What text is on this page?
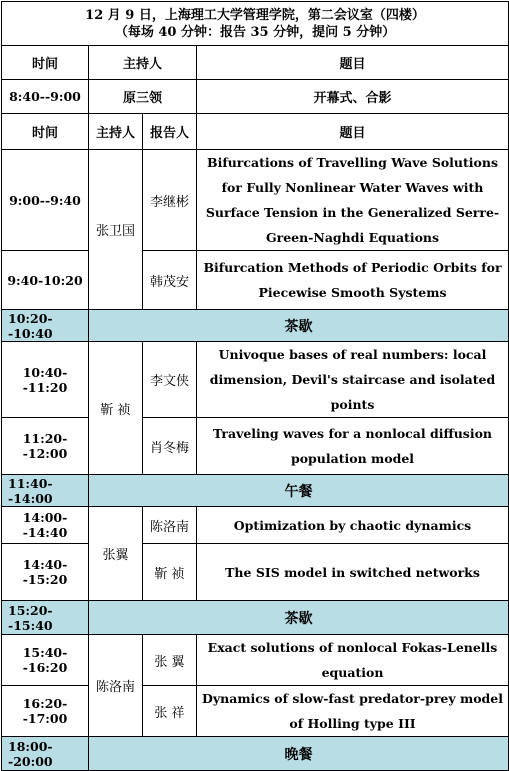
12 月 9 日，上海理工大学管理学院，第二会议室（四楼）
（每场 40 分钟：报告 35 分钟，提问 5 分钟）			

时间	主持人		题目
8:40--9:00	原三领		开幕式、合影
时间	主持人	报告人	题目
9:00--9:40	张卫国	李继彬	Bifurcations of Travelling Wave Solutions for Fully Nonlinear Water Waves with Surface Tension in the Generalized Serre-Green-Naghdi Equations
9:40-10:20		韩茂安	Bifurcation Methods of Periodic Orbits for Piecewise Smooth Systems
10:20--10:40	茶歇		
10:40--11:20	靳 祯	李文侠	Univoque bases of real numbers: local dimension, Devil's staircase and isolated points
11:20--12:00		肖冬梅	Traveling waves for a nonlocal diffusion population model
11:40--14:00	午餐		
14:00--14:40	张翼	陈洛南	Optimization by chaotic dynamics
14:40--15:20		靳 祯	The SIS model in switched networks
15:20--15:40	茶歇		
15:40--16:20	陈洛南	张 翼	Exact solutions of nonlocal Fokas-Lenells equation
16:20--17:00		张 祥	Dynamics of slow-fast predator-prey model of Holling type III
18:00--20:00	晚餐		
